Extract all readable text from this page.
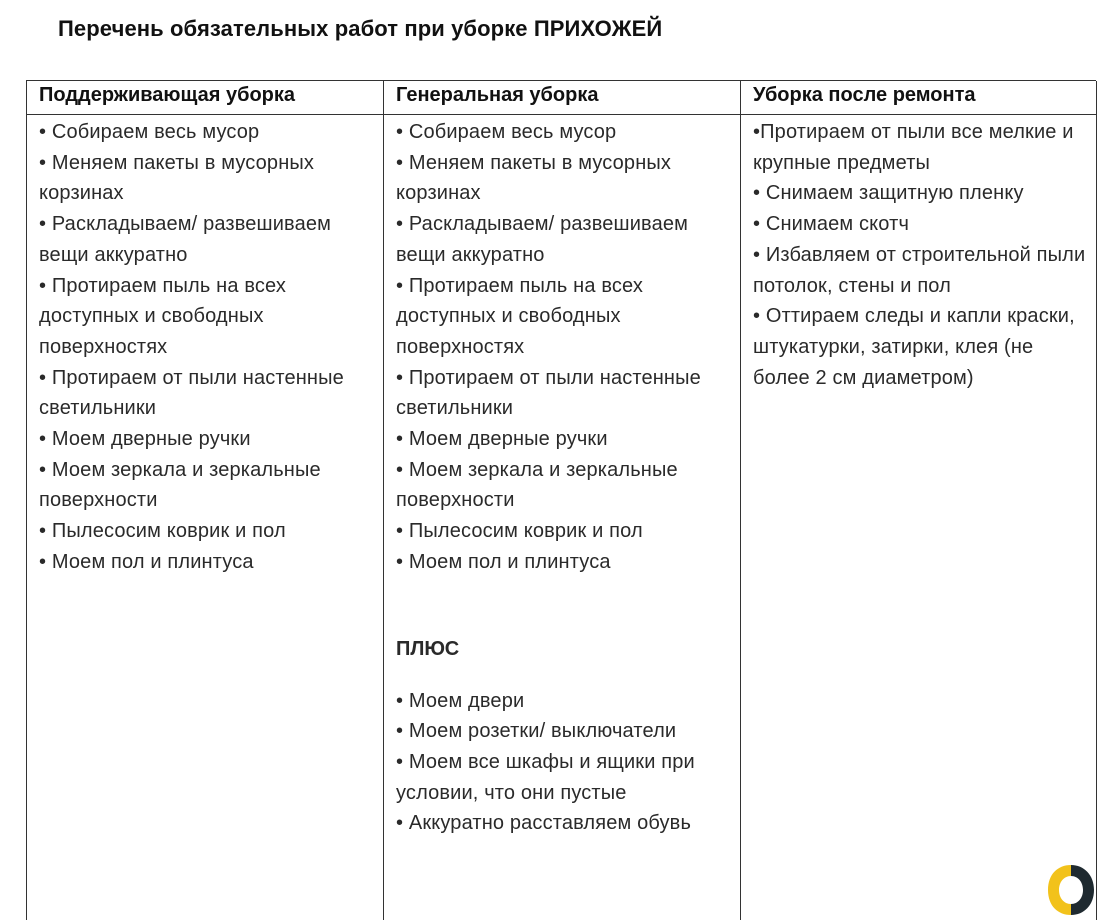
Перечень обязательных работ при уборке ПРИХОЖЕЙ
Поддерживающая уборка
• Собираем весь мусор
• Меняем пакеты в мусорных корзинах
• Раскладываем/ развешиваем вещи аккуратно
• Протираем пыль на всех доступных и свободных поверхностях
• Протираем от пыли настенные светильники
• Моем дверные ручки
• Моем зеркала и зеркальные поверхности
• Пылесосим коврик и пол
• Моем пол и плинтуса
Генеральная уборка
• Собираем весь мусор
• Меняем пакеты в мусорных корзинах
• Раскладываем/ развешиваем вещи аккуратно
• Протираем пыль на всех доступных и свободных поверхностях
• Протираем от пыли настенные светильники
• Моем дверные ручки
• Моем зеркала и зеркальные поверхности
• Пылесосим коврик и пол
• Моем пол и плинтуса
ПЛЮС
• Моем двери
• Моем розетки/ выключатели
• Моем все шкафы и ящики при условии, что они пустые
• Аккуратно расставляем обувь
Уборка после ремонта
•Протираем от пыли все мелкие и крупные предметы
• Снимаем защитную пленку
• Снимаем скотч
• Избавляем от строительной пыли потолок, стены и пол
• Оттираем следы и капли краски, штукатурки, затирки, клея (не более 2 см диаметром)
